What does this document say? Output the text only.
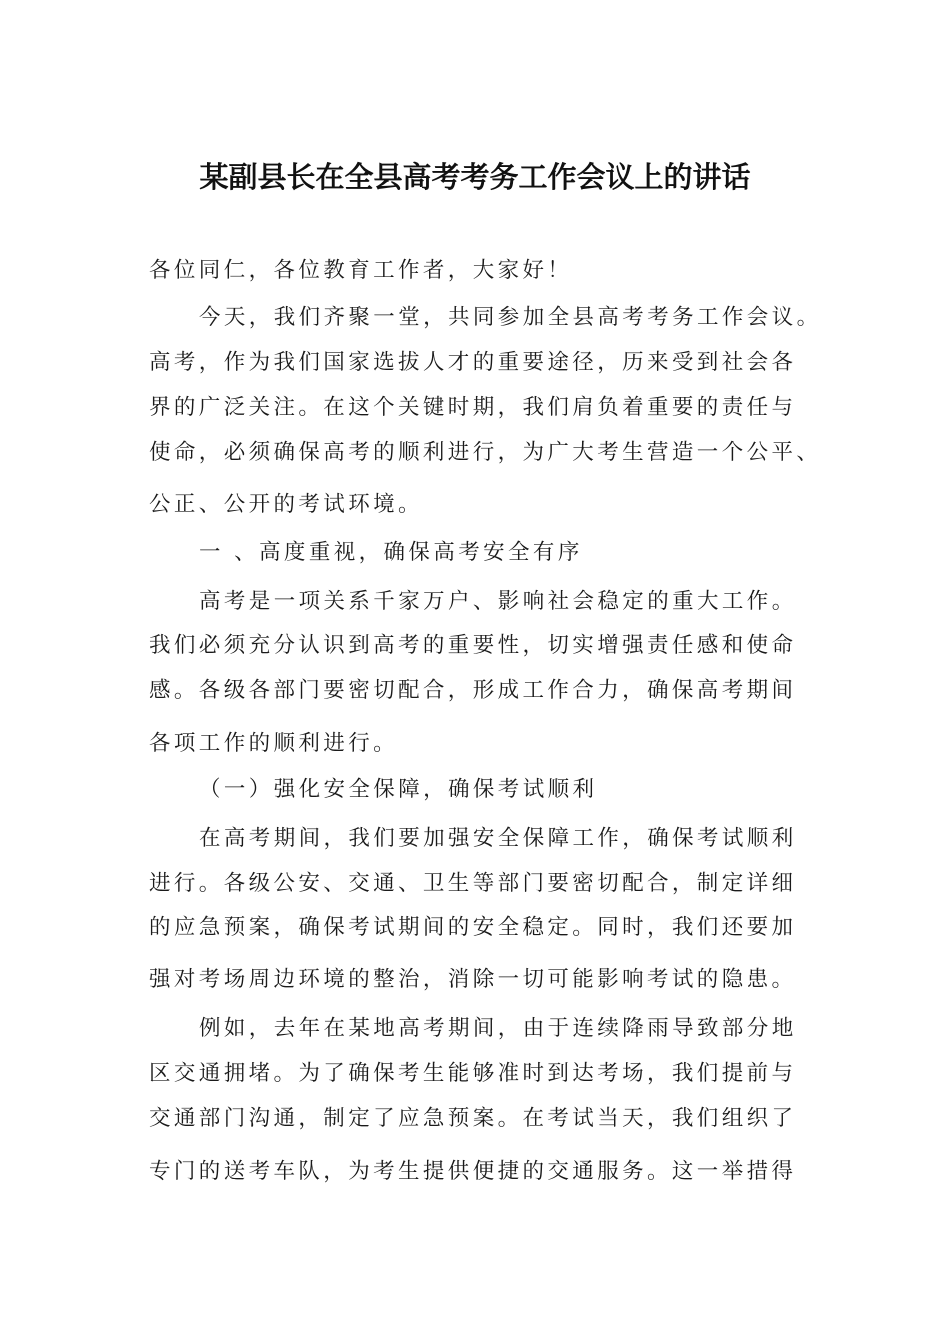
某副县长在全县高考考务工作会议上的讲话
各位同仁，各位教育工作者，大家好！
今天，我们齐聚一堂，共同参加全县高考考务工作会议。
高考，作为我们国家选拔人才的重要途径，历来受到社会各
界的广泛关注。在这个关键时期，我们肩负着重要的责任与
使命，必须确保高考的顺利进行，为广大考生营造一个公平、
公正、公开的考试环境。
一 、高度重视，确保高考安全有序
高考是一项关系千家万户、影响社会稳定的重大工作。
我们必须充分认识到高考的重要性，切实增强责任感和使命
感。各级各部门要密切配合，形成工作合力，确保高考期间
各项工作的顺利进行。
（一）强化安全保障，确保考试顺利
在高考期间，我们要加强安全保障工作，确保考试顺利
进行。各级公安、交通、卫生等部门要密切配合，制定详细
的应急预案，确保考试期间的安全稳定。同时，我们还要加
强对考场周边环境的整治，消除一切可能影响考试的隐患。
例如，去年在某地高考期间，由于连续降雨导致部分地
区交通拥堵。为了确保考生能够准时到达考场，我们提前与
交通部门沟通，制定了应急预案。在考试当天，我们组织了
专门的送考车队，为考生提供便捷的交通服务。这一举措得
